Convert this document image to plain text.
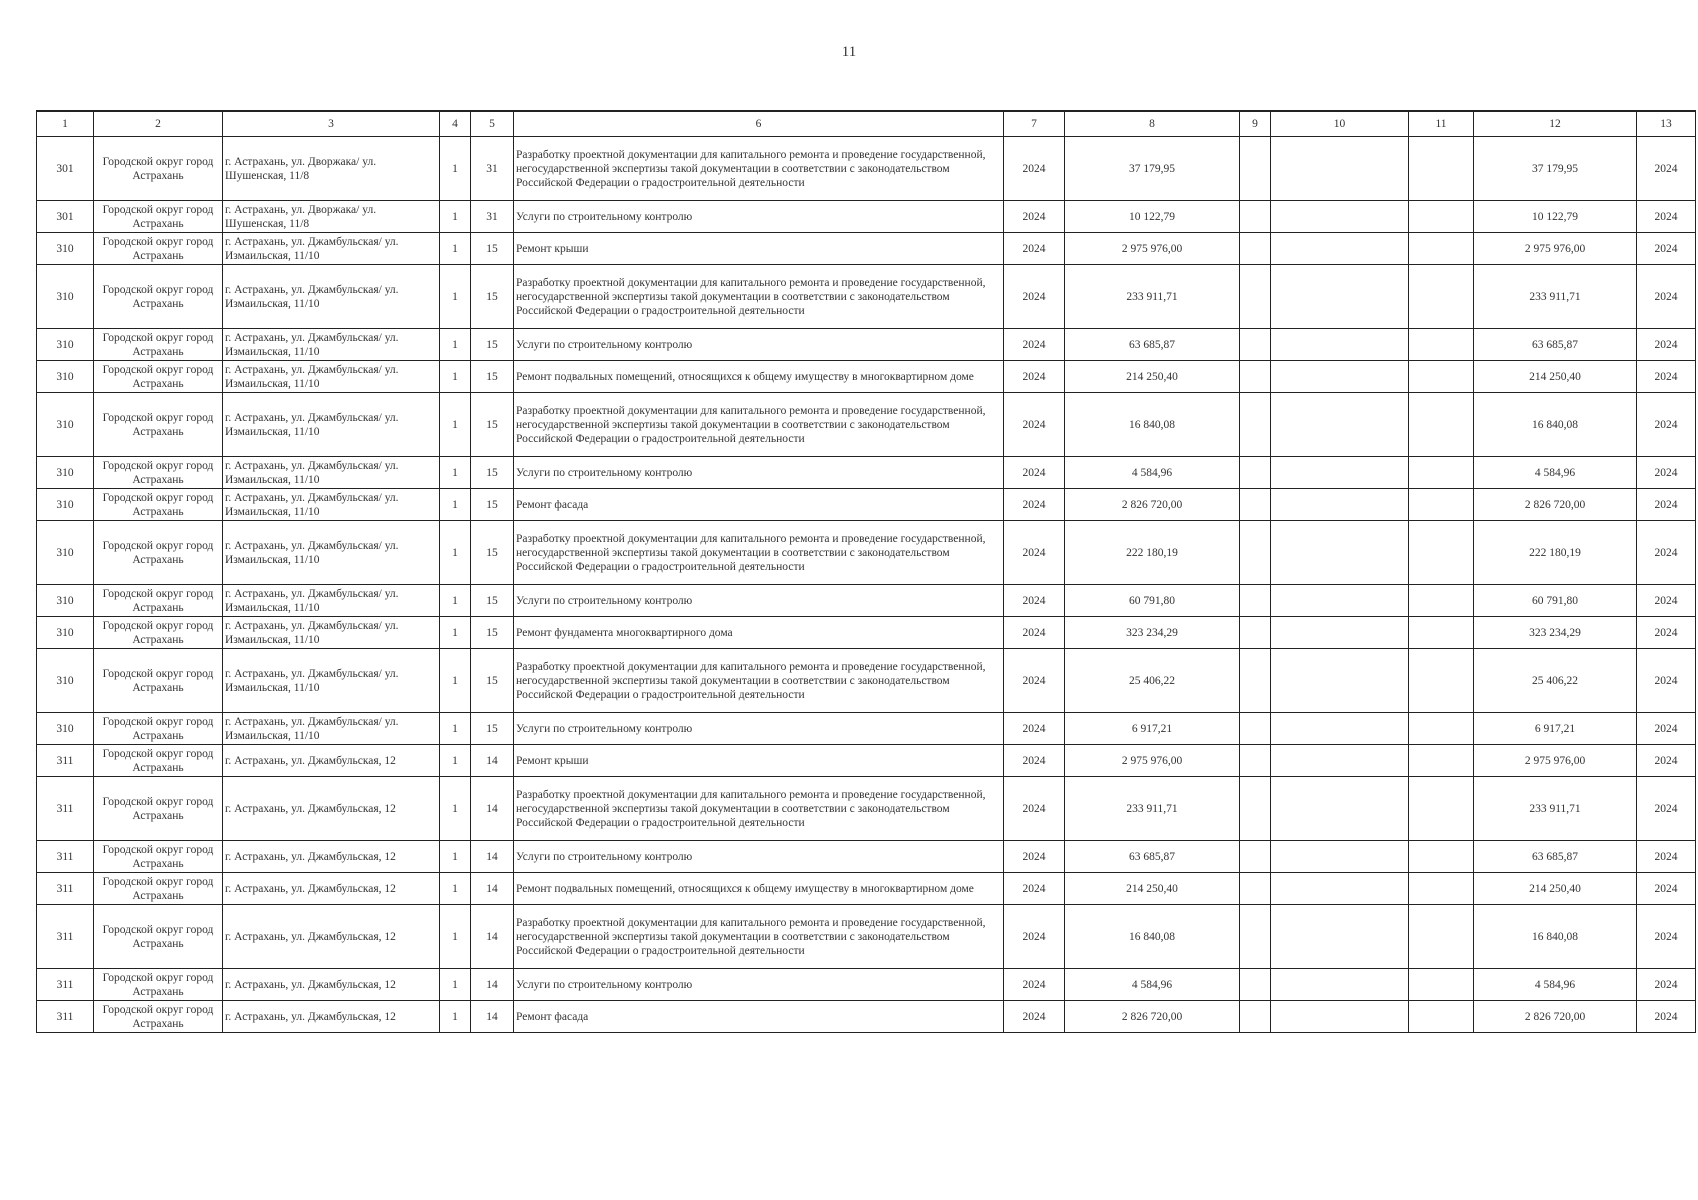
11
1	2	3	4	5	6	7	8	9	10	11	12	13
301	Городской округ город Астрахань	г. Астрахань, ул. Дворжака/ ул. Шушенская, 11/8	1	31	Разработку проектной документации для капитального ремонта и проведение государственной, негосударственной экспертизы такой документации в соответствии с законодательством Российской Федерации о градостроительной деятельности	2024	37 179,95				37 179,95	2024
301	Городской округ город Астрахань	г. Астрахань, ул. Дворжака/ ул. Шушенская, 11/8	1	31	Услуги по строительному контролю	2024	10 122,79				10 122,79	2024
310	Городской округ город Астрахань	г. Астрахань, ул. Джамбульская/ ул. Измаильская, 11/10	1	15	Ремонт крыши	2024	2 975 976,00				2 975 976,00	2024
310	Городской округ город Астрахань	г. Астрахань, ул. Джамбульская/ ул. Измаильская, 11/10	1	15	Разработку проектной документации для капитального ремонта и проведение государственной, негосударственной экспертизы такой документации в соответствии с законодательством Российской Федерации о градостроительной деятельности	2024	233 911,71				233 911,71	2024
310	Городской округ город Астрахань	г. Астрахань, ул. Джамбульская/ ул. Измаильская, 11/10	1	15	Услуги по строительному контролю	2024	63 685,87				63 685,87	2024
310	Городской округ город Астрахань	г. Астрахань, ул. Джамбульская/ ул. Измаильская, 11/10	1	15	Ремонт подвальных помещений, относящихся к общему имуществу в многоквартирном доме	2024	214 250,40				214 250,40	2024
310	Городской округ город Астрахань	г. Астрахань, ул. Джамбульская/ ул. Измаильская, 11/10	1	15	Разработку проектной документации для капитального ремонта и проведение государственной, негосударственной экспертизы такой документации в соответствии с законодательством Российской Федерации о градостроительной деятельности	2024	16 840,08				16 840,08	2024
310	Городской округ город Астрахань	г. Астрахань, ул. Джамбульская/ ул. Измаильская, 11/10	1	15	Услуги по строительному контролю	2024	4 584,96				4 584,96	2024
310	Городской округ город Астрахань	г. Астрахань, ул. Джамбульская/ ул. Измаильская, 11/10	1	15	Ремонт фасада	2024	2 826 720,00				2 826 720,00	2024
310	Городской округ город Астрахань	г. Астрахань, ул. Джамбульская/ ул. Измаильская, 11/10	1	15	Разработку проектной документации для капитального ремонта и проведение государственной, негосударственной экспертизы такой документации в соответствии с законодательством Российской Федерации о градостроительной деятельности	2024	222 180,19				222 180,19	2024
310	Городской округ город Астрахань	г. Астрахань, ул. Джамбульская/ ул. Измаильская, 11/10	1	15	Услуги по строительному контролю	2024	60 791,80				60 791,80	2024
310	Городской округ город Астрахань	г. Астрахань, ул. Джамбульская/ ул. Измаильская, 11/10	1	15	Ремонт фундамента многоквартирного дома	2024	323 234,29				323 234,29	2024
310	Городской округ город Астрахань	г. Астрахань, ул. Джамбульская/ ул. Измаильская, 11/10	1	15	Разработку проектной документации для капитального ремонта и проведение государственной, негосударственной экспертизы такой документации в соответствии с законодательством Российской Федерации о градостроительной деятельности	2024	25 406,22				25 406,22	2024
310	Городской округ город Астрахань	г. Астрахань, ул. Джамбульская/ ул. Измаильская, 11/10	1	15	Услуги по строительному контролю	2024	6 917,21				6 917,21	2024
311	Городской округ город Астрахань	г. Астрахань, ул. Джамбульская, 12	1	14	Ремонт крыши	2024	2 975 976,00				2 975 976,00	2024
311	Городской округ город Астрахань	г. Астрахань, ул. Джамбульская, 12	1	14	Разработку проектной документации для капитального ремонта и проведение государственной, негосударственной экспертизы такой документации в соответствии с законодательством Российской Федерации о градостроительной деятельности	2024	233 911,71				233 911,71	2024
311	Городской округ город Астрахань	г. Астрахань, ул. Джамбульская, 12	1	14	Услуги по строительному контролю	2024	63 685,87				63 685,87	2024
311	Городской округ город Астрахань	г. Астрахань, ул. Джамбульская, 12	1	14	Ремонт подвальных помещений, относящихся к общему имуществу в многоквартирном доме	2024	214 250,40				214 250,40	2024
311	Городской округ город Астрахань	г. Астрахань, ул. Джамбульская, 12	1	14	Разработку проектной документации для капитального ремонта и проведение государственной, негосударственной экспертизы такой документации в соответствии с законодательством Российской Федерации о градостроительной деятельности	2024	16 840,08				16 840,08	2024
311	Городской округ город Астрахань	г. Астрахань, ул. Джамбульская, 12	1	14	Услуги по строительному контролю	2024	4 584,96				4 584,96	2024
311	Городской округ город Астрахань	г. Астрахань, ул. Джамбульская, 12	1	14	Ремонт фасада	2024	2 826 720,00				2 826 720,00	2024
